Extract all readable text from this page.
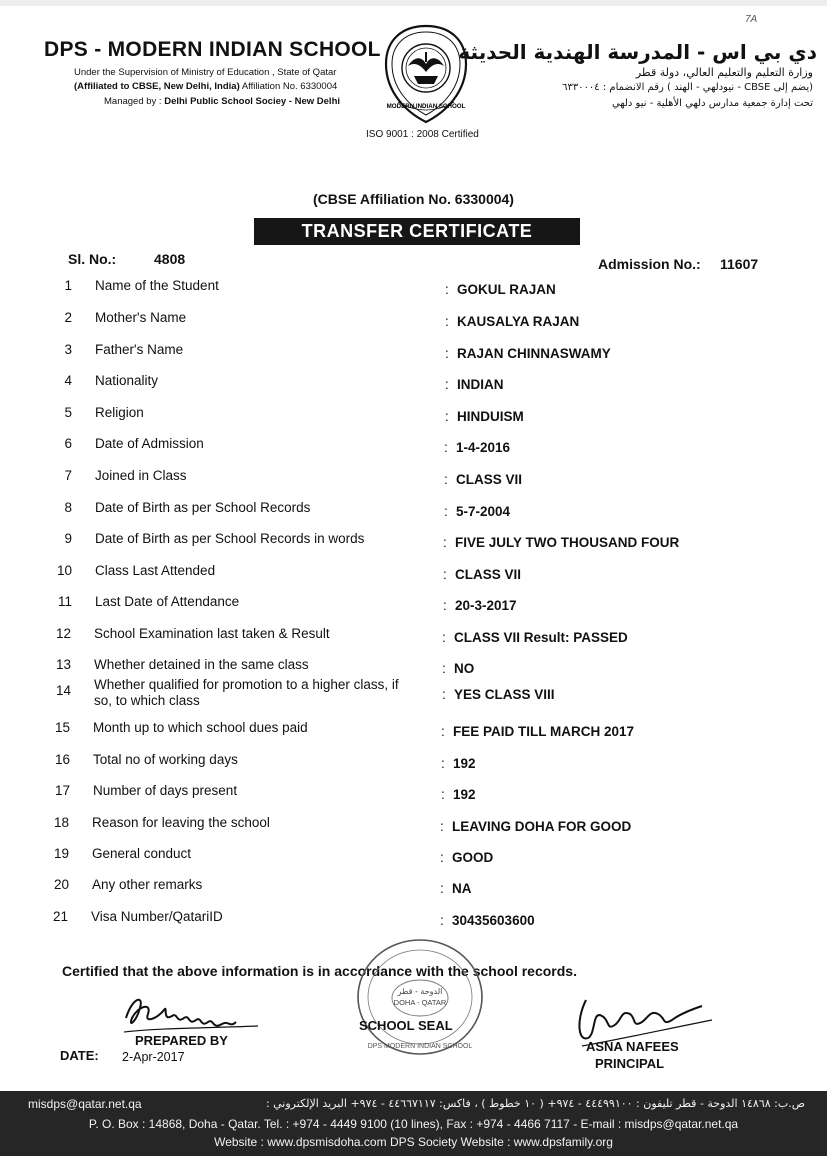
7A
DPS - MODERN INDIAN SCHOOL
Under the Supervision of Ministry of Education , State of Qatar
(Affiliated to CBSE, New Delhi, India) Affiliation No. 6330004
Managed by : Delhi Public School Sociey - New Delhi	MODERN INDIAN SCHOOL
ISO 9001 : 2008 Certified
دي بي اس - المدرسة الهندية الحديثة
وزارة التعليم والتعليم العالي، دولة قطر
(يضم إلى CBSE - نيودلهي - الهند ) رقم الانضمام : ٦٣٣٠٠٠٤
تحت إدارة جمعية مدارس دلهي الأهلية - نيو دلهي
(CBSE Affiliation No. 6330004)
TRANSFER CERTIFICATE
Sl. No.:	4808	Admission No.: 11607
1 Name of the Student	: GOKUL RAJAN
2 Mother's Name	: KAUSALYA RAJAN
3 Father's Name	: RAJAN CHINNASWAMY
4 Nationality	: INDIAN
5 Religion	: HINDUISM
6 Date of Admission	: 1-4-2016
7 Joined in Class	: CLASS VII
8 Date of Birth as per School Records	: 5-7-2004
9 Date of Birth as per School Records in words	: FIVE JULY TWO THOUSAND FOUR
10 Class Last Attended	: CLASS VII
11 Last Date of Attendance	: 20-3-2017
12 School Examination last taken & Result	: CLASS VII Result: PASSED
13 Whether detained in the same class	: NO
14 Whether qualified for promotion to a higher class, if so, to which class	: YES CLASS VIII
15 Month up to which school dues paid	: FEE PAID TILL MARCH 2017
16 Total no of working days	: 192
17 Number of days present	: 192
18 Reason for leaving the school	: LEAVING DOHA FOR GOOD
19 General conduct	: GOOD
20 Any other remarks	: NA
21 Visa Number/QatariID	: 30435603600
Certified that the above information is in accordance with the school records.
الدوحة - قطر
DOHA - QATAR
DPS MODERN INDIAN SCHOOL
SCHOOL SEAL
PREPARED BY
DATE: 2-Apr-2017
ASNA NAFEES
PRINCIPAL
misdps@qatar.net.qa	ص.ب: ١٤٨٦٨ الدوحة - قطر تليفون : ٤٤٤٩٩١٠٠ - ٩٧٤+ ( ١٠ خطوط ) ، فاكس: ٤٤٦٦٧١١٧ - ٩٧٤+ البريد الإلكتروني :
P. O. Box : 14868, Doha - Qatar. Tel. : +974 - 4449 9100 (10 lines), Fax : +974 - 4466 7117 - E-mail : misdps@qatar.net.qa
Website : www.dpsmisdoha.com DPS Society Website : www.dpsfamily.org
